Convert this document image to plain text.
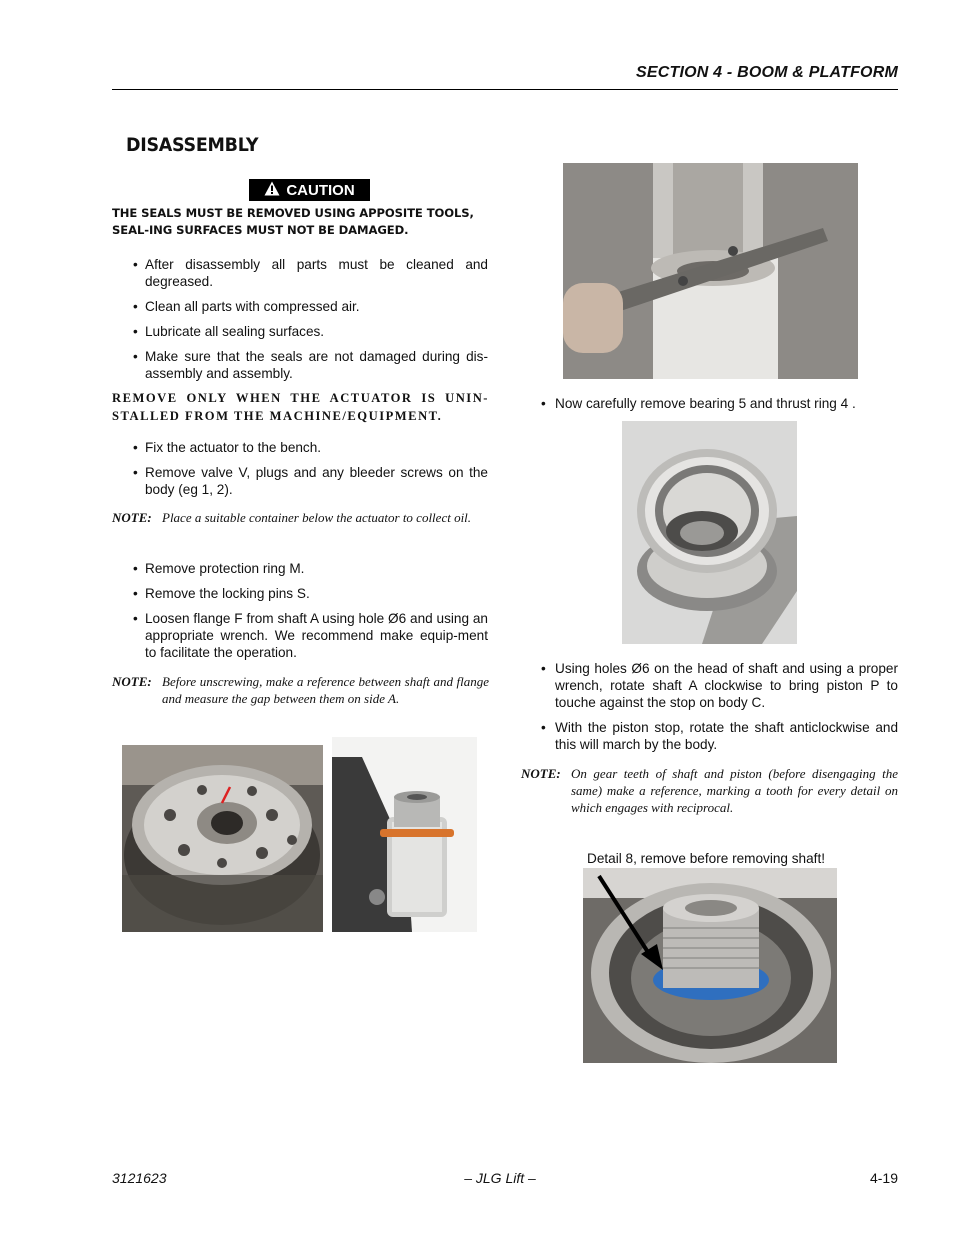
SECTION 4 - BOOM & PLATFORM
DISASSEMBLY
CAUTION
THE SEALS MUST BE REMOVED USING APPOSITE TOOLS, SEAL-ING SURFACES MUST NOT BE DAMAGED.
• After disassembly all parts must be cleaned and degreased.
• Clean all parts with compressed air.
• Lubricate all sealing surfaces.
• Make sure that the seals are not damaged during dis-assembly and assembly.
REMOVE ONLY WHEN THE ACTUATOR IS UNIN-STALLED FROM THE MACHINE/EQUIPMENT.
• Fix the actuator to the bench.
• Remove valve V, plugs and any bleeder screws on the body (eg 1, 2).
NOTE: Place a suitable container below the actuator to collect oil.
• Remove protection ring M.
• Remove the locking pins S.
• Loosen flange F from shaft A using hole Ø6 and using an appropriate wrench. We recommend make equip-ment to facilitate the operation.
NOTE: Before unscrewing, make a reference between shaft and flange and measure the gap between them on side A.
• Now carefully remove bearing 5 and thrust ring 4 .
• Using holes Ø6 on the head of shaft and using a proper wrench, rotate shaft A clockwise to bring piston P to touche against the stop on body C.
• With the piston stop, rotate the shaft anticlockwise and this will march by the body.
NOTE: On gear teeth of shaft and piston (before disengaging the same) make a reference, marking a tooth for every detail on which engages with reciprocal.
Detail 8, remove before removing shaft!
3121623	– JLG Lift –	4-19
